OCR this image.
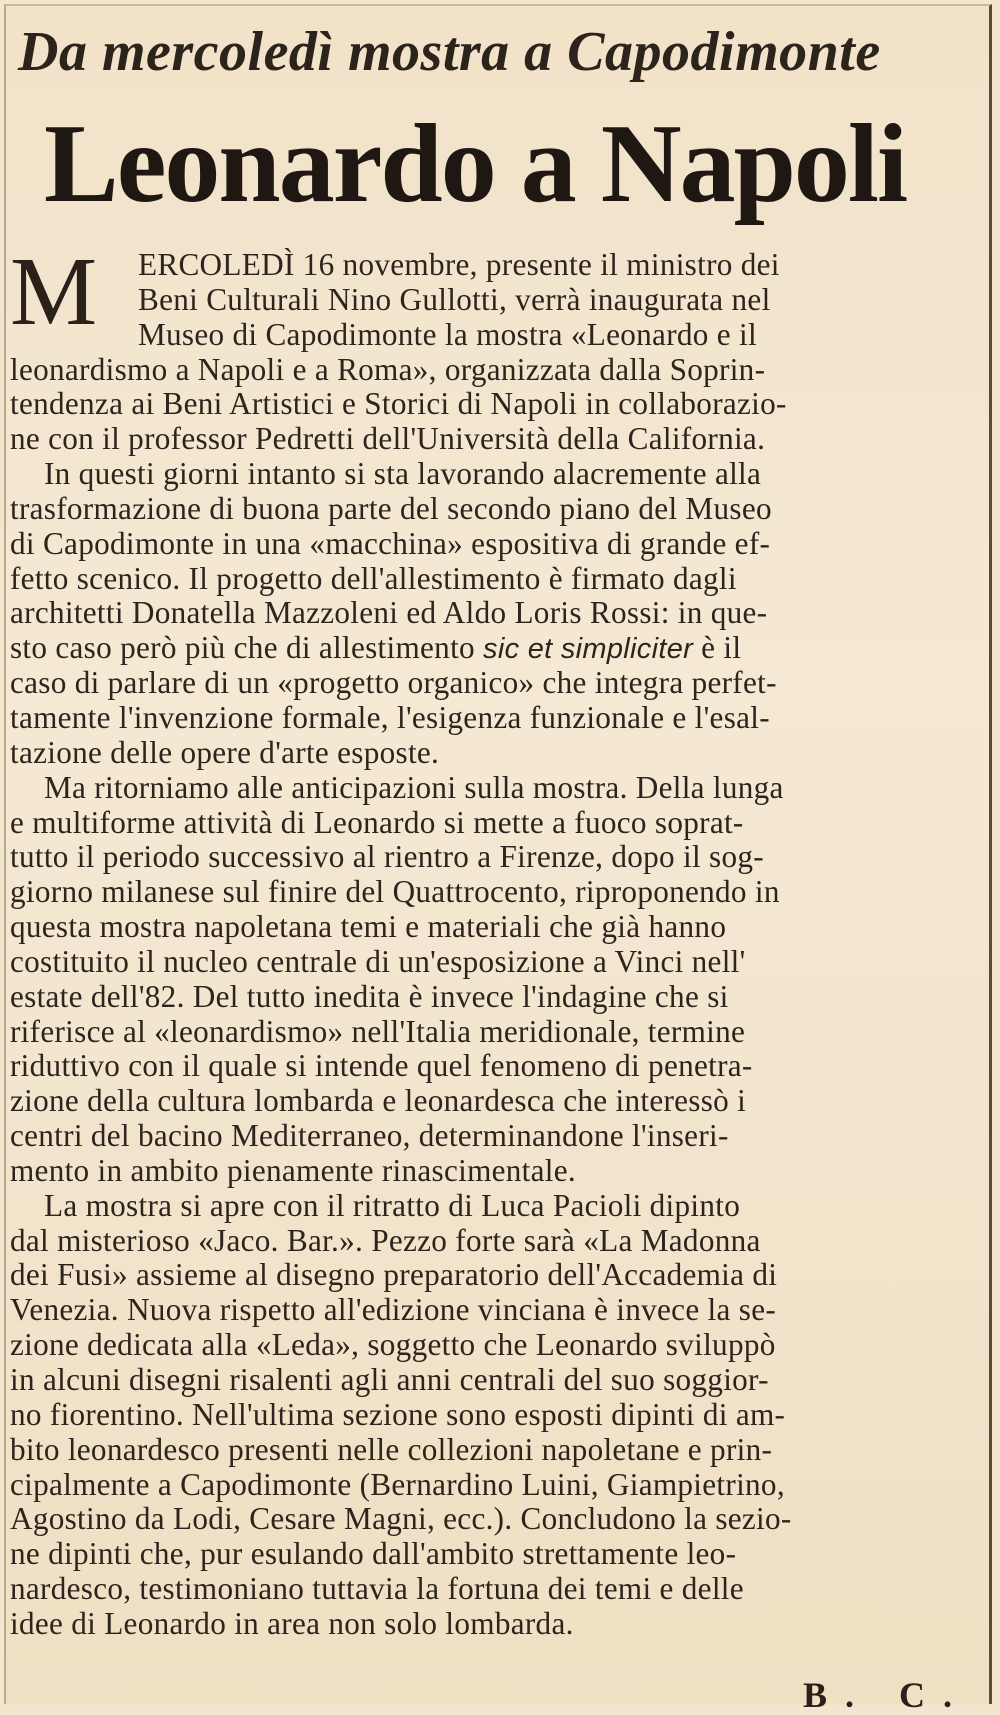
Da mercoledì mostra a Capodimonte
Leonardo a Napoli
M	ERCOLEDÌ 16 novembre, presente il ministro dei
Beni Culturali Nino Gullotti, verrà inaugurata nel
Museo di Capodimonte la mostra «Leonardo e il
leonardismo a Napoli e a Roma», organizzata dalla Soprin-
tendenza ai Beni Artistici e Storici di Napoli in collaborazio-
ne con il professor Pedretti dell'Università della California.
In questi giorni intanto si sta lavorando alacremente alla
trasformazione di buona parte del secondo piano del Museo
di Capodimonte in una «macchina» espositiva di grande ef-
fetto scenico. Il progetto dell'allestimento è firmato dagli
architetti Donatella Mazzoleni ed Aldo Loris Rossi: in que-
sto caso però più che di allestimento sic et simpliciter è il
caso di parlare di un «progetto organico» che integra perfet-
tamente l'invenzione formale, l'esigenza funzionale e l'esal-
tazione delle opere d'arte esposte.
Ma ritorniamo alle anticipazioni sulla mostra. Della lunga
e multiforme attività di Leonardo si mette a fuoco soprat-
tutto il periodo successivo al rientro a Firenze, dopo il sog-
giorno milanese sul finire del Quattrocento, riproponendo in
questa mostra napoletana temi e materiali che già hanno
costituito il nucleo centrale di un'esposizione a Vinci nell'
estate dell'82. Del tutto inedita è invece l'indagine che si
riferisce al «leonardismo» nell'Italia meridionale, termine
riduttivo con il quale si intende quel fenomeno di penetra-
zione della cultura lombarda e leonardesca che interessò i
centri del bacino Mediterraneo, determinandone l'inseri-
mento in ambito pienamente rinascimentale.
La mostra si apre con il ritratto di Luca Pacioli dipinto
dal misterioso «Jaco. Bar.». Pezzo forte sarà «La Madonna
dei Fusi» assieme al disegno preparatorio dell'Accademia di
Venezia. Nuova rispetto all'edizione vinciana è invece la se-
zione dedicata alla «Leda», soggetto che Leonardo sviluppò
in alcuni disegni risalenti agli anni centrali del suo soggior-
no fiorentino. Nell'ultima sezione sono esposti dipinti di am-
bito leonardesco presenti nelle collezioni napoletane e prin-
cipalmente a Capodimonte (Bernardino Luini, Giampietrino,
Agostino da Lodi, Cesare Magni, ecc.). Concludono la sezio-
ne dipinti che, pur esulando dall'ambito strettamente leo-
nardesco, testimoniano tuttavia la fortuna dei temi e delle
idee di Leonardo in area non solo lombarda.
B. C.
